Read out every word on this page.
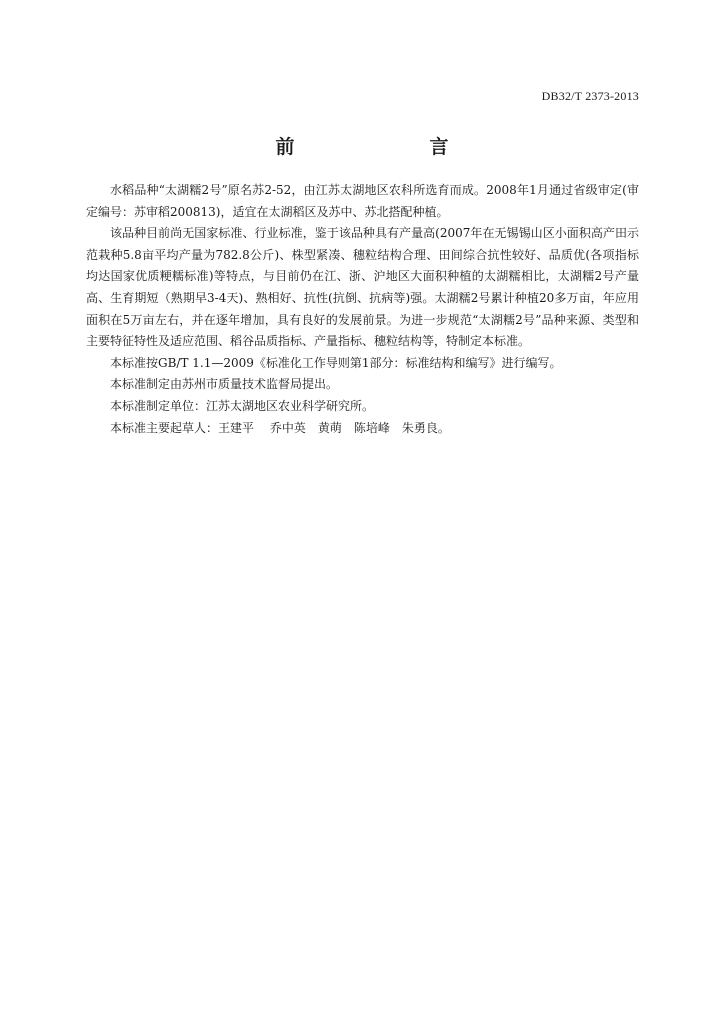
DB32/T 2373-2013
前　言

水稻品种“太湖糯2号”原名苏2-52，由江苏太湖地区农科所选育而成。2008年1月通过省级审定(审定编号：苏审稻200813)，适宜在太湖稻区及苏中、苏北搭配种植。

该品种目前尚无国家标准、行业标准，鉴于该品种具有产量高(2007年在无锡锡山区小面积高产田示范栽种5.8亩平均产量为782.8公斤)、株型紧凑、穗粒结构合理、田间综合抗性较好、品质优(各项指标均达国家优质粳糯标准)等特点，与目前仍在江、浙、沪地区大面积种植的太湖糯相比，太湖糯2号产量高、生育期短（熟期早3-4天)、熟相好、抗性(抗倒、抗病等)强。太湖糯2号累计种植20多万亩，年应用面积在5万亩左右，并在逐年增加，具有良好的发展前景。为进一步规范“太湖糯2号”品种来源、类型和主要特征特性及适应范围、稻谷品质指标、产量指标、穗粒结构等，特制定本标准。

本标准按GB/T 1.1—2009《标准化工作导则第1部分：标准结构和编写》进行编写。

本标准制定由苏州市质量技术监督局提出。

本标准制定单位：江苏太湖地区农业科学研究所。

本标准主要起草人：王建平　 乔中英　黄萌　陈培峰　朱勇良。
